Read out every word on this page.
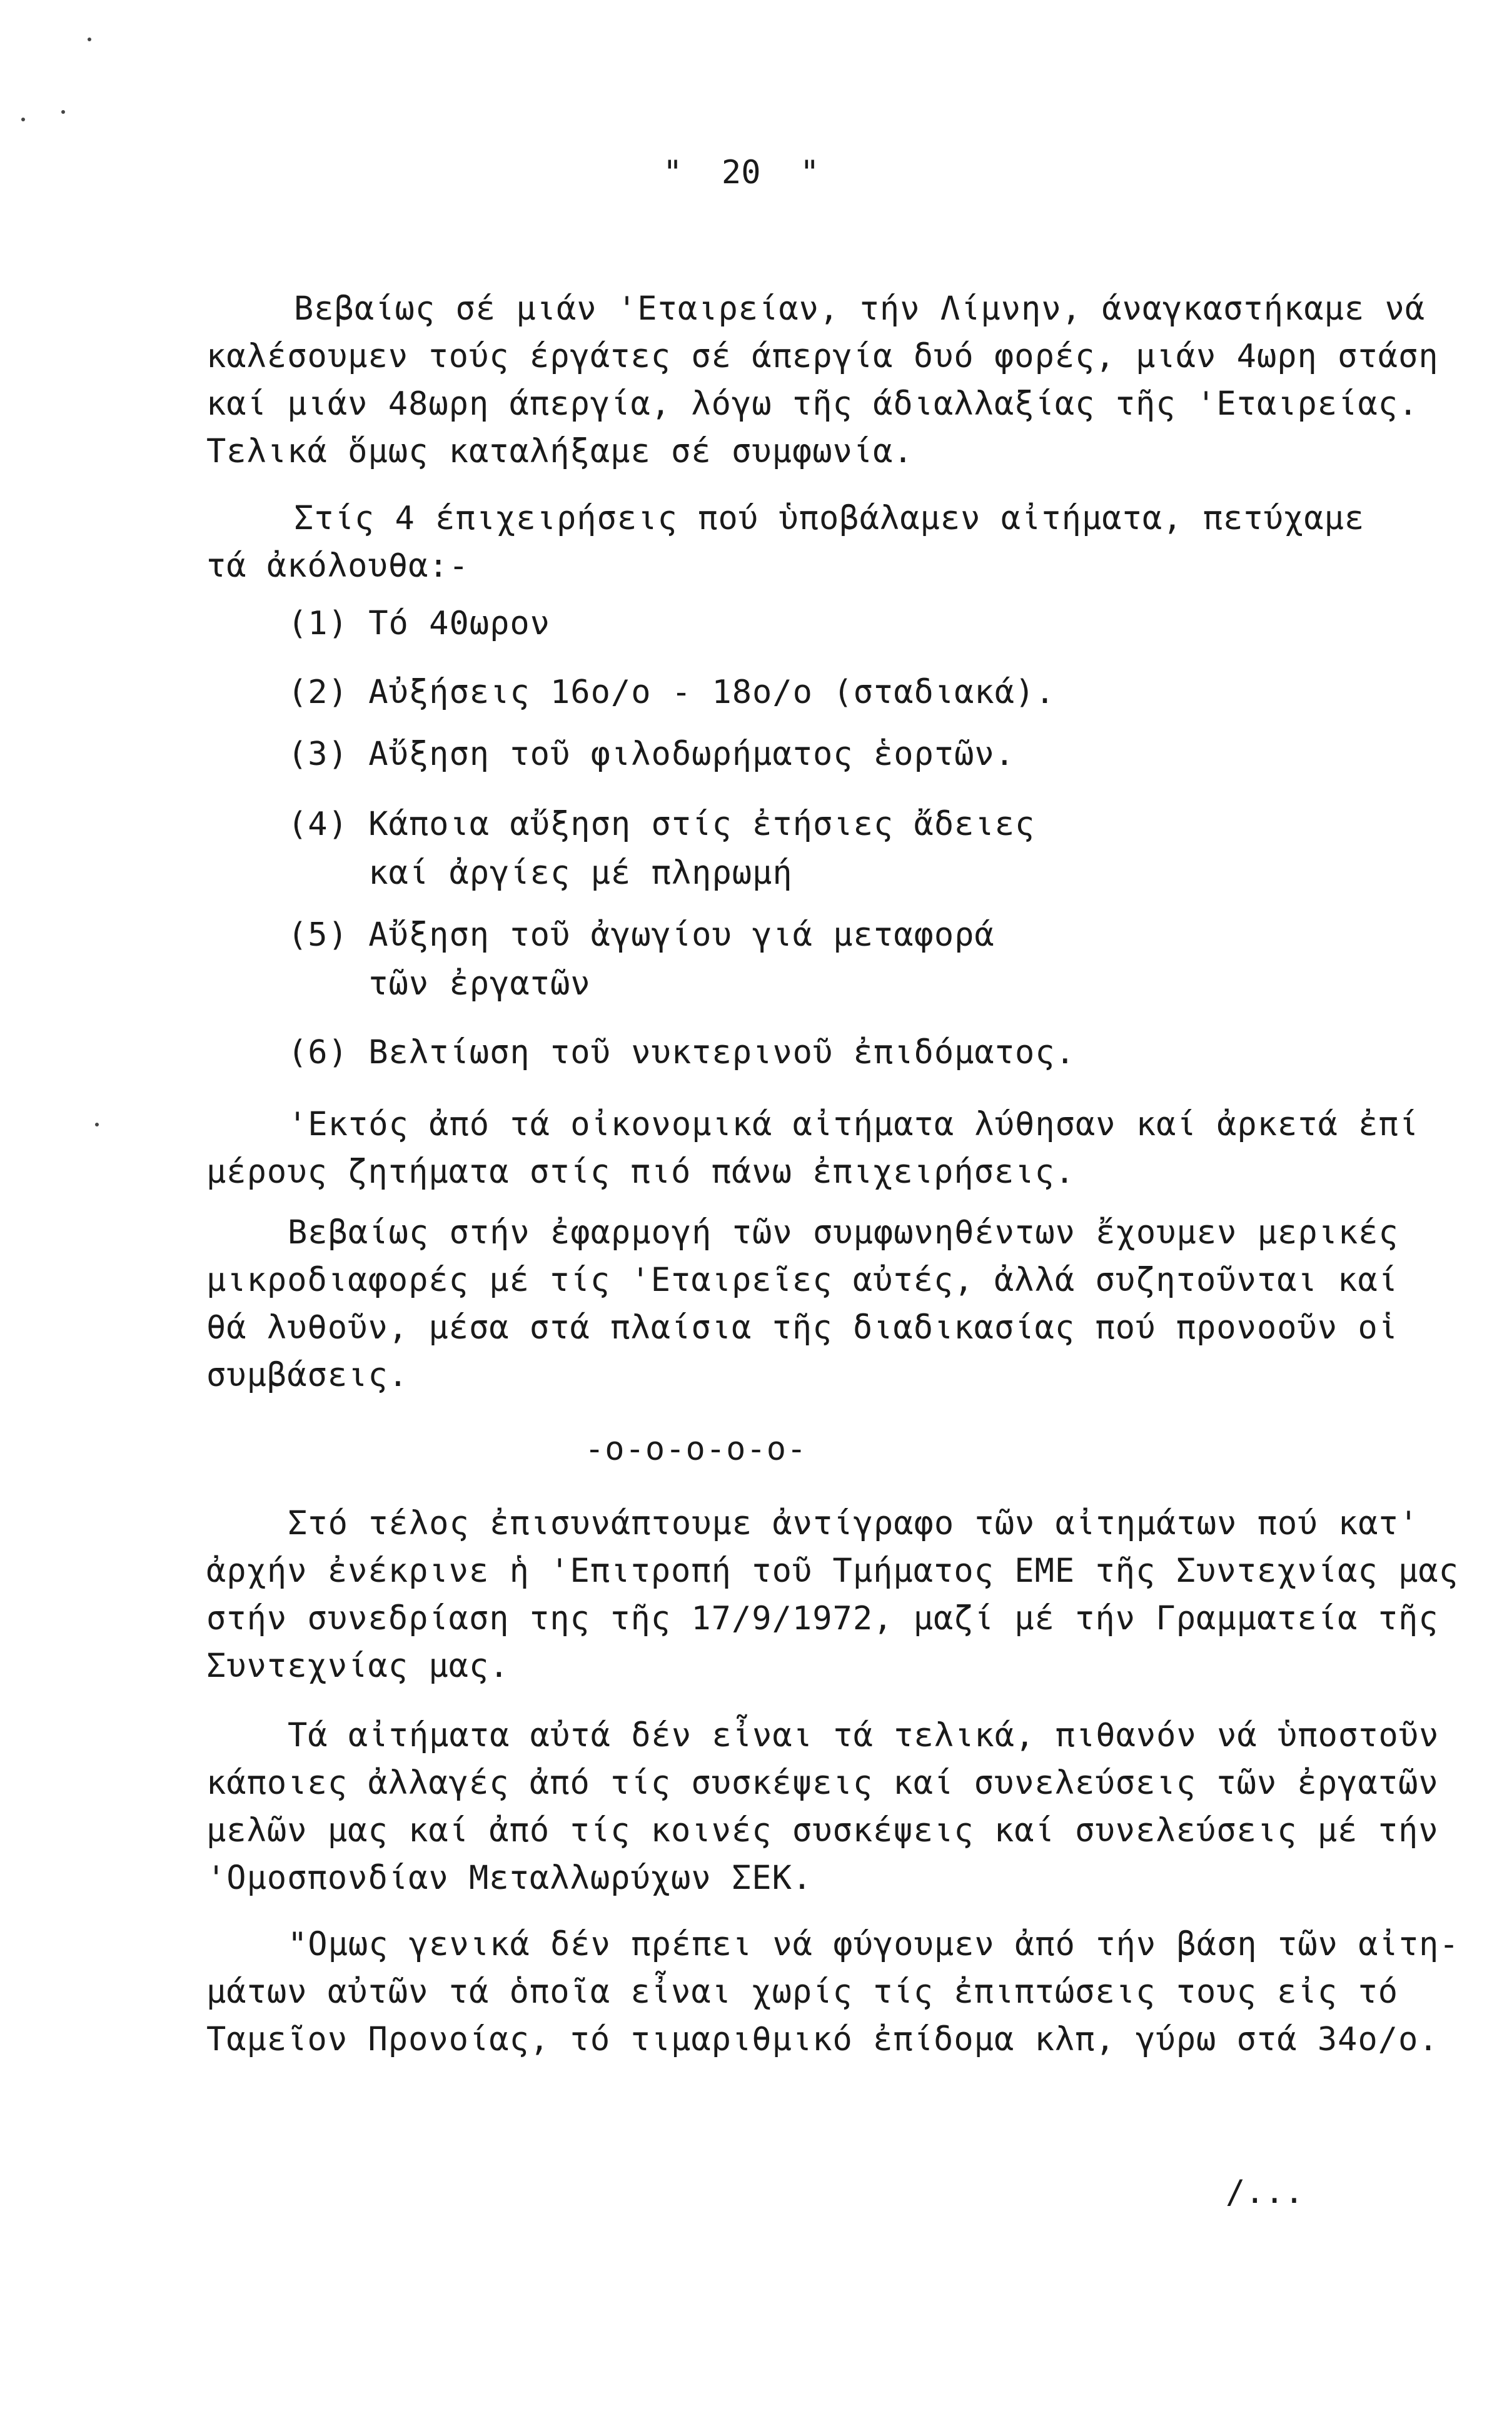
"  20  "
Βεβαίως σέ μιάν 'Εταιρείαν, τήν Λίμνην, άναγκαστήκαμε νά
καλέσουμεν τούς έργάτες σέ άπεργία δυό φορές, μιάν 4ωρη στάση
καί μιάν 48ωρη άπεργία, λόγω τῆς άδιαλλαξίας τῆς 'Εταιρείας.
Τελικά ὅμως καταλήξαμε σέ συμφωνία.
Στίς 4 έπιχειρήσεις πού ὑποβάλαμεν αἰτήματα, πετύχαμε
τά ἀκόλουθα:-
(1) Τό 40ωρον
(2) Αὐξήσεις 16ο/ο - 18ο/ο (σταδιακά).
(3) Αὔξηση τοῦ φιλοδωρήματος ἑορτῶν.
(4) Κάποια αὔξηση στίς ἐτήσιες ἄδειες
καί ἀργίες μέ πληρωμή
(5) Αὔξηση τοῦ ἀγωγίου γιά μεταφορά
τῶν ἐργατῶν
(6) Βελτίωση τοῦ νυκτερινοῦ ἐπιδόματος.
'Εκτός ἀπό τά οἰκονομικά αἰτήματα λύθησαν καί ἀρκετά ἐπί
μέρους ζητήματα στίς πιό πάνω ἐπιχειρήσεις.
Βεβαίως στήν ἐφαρμογή τῶν συμφωνηθέντων ἔχουμεν μερικές
μικροδιαφορές μέ τίς 'Εταιρεῖες αὐτές, ἀλλά συζητοῦνται καί
θά λυθοῦν, μέσα στά πλαίσια τῆς διαδικασίας πού προνοοῦν οἱ
συμβάσεις.
-o-o-o-o-o-
Στό τέλος ἐπισυνάπτουμε ἀντίγραφο τῶν αἰτημάτων πού κατ'
ἀρχήν ἐνέκρινε ἡ 'Επιτροπή τοῦ Τμήματος ΕΜΕ τῆς Συντεχνίας μας
στήν συνεδρίαση της τῆς 17/9/1972, μαζί μέ τήν Γραμματεία τῆς
Συντεχνίας μας.
Τά αἰτήματα αὐτά δέν εἶναι τά τελικά, πιθανόν νά ὑποστοῦν
κάποιες ἀλλαγές ἀπό τίς συσκέψεις καί συνελεύσεις τῶν ἐργατῶν
μελῶν μας καί ἀπό τίς κοινές συσκέψεις καί συνελεύσεις μέ τήν
'Ομοσπονδίαν Μεταλλωρύχων ΣΕΚ.
"Ομως γενικά δέν πρέπει νά φύγουμεν ἀπό τήν βάση τῶν αἰτη-
μάτων αὐτῶν τά ὁποῖα εἶναι χωρίς τίς ἐπιπτώσεις τους εἰς τό
Ταμεῖον Προνοίας, τό τιμαριθμικό ἐπίδομα κλπ, γύρω στά 34ο/ο.
/...
